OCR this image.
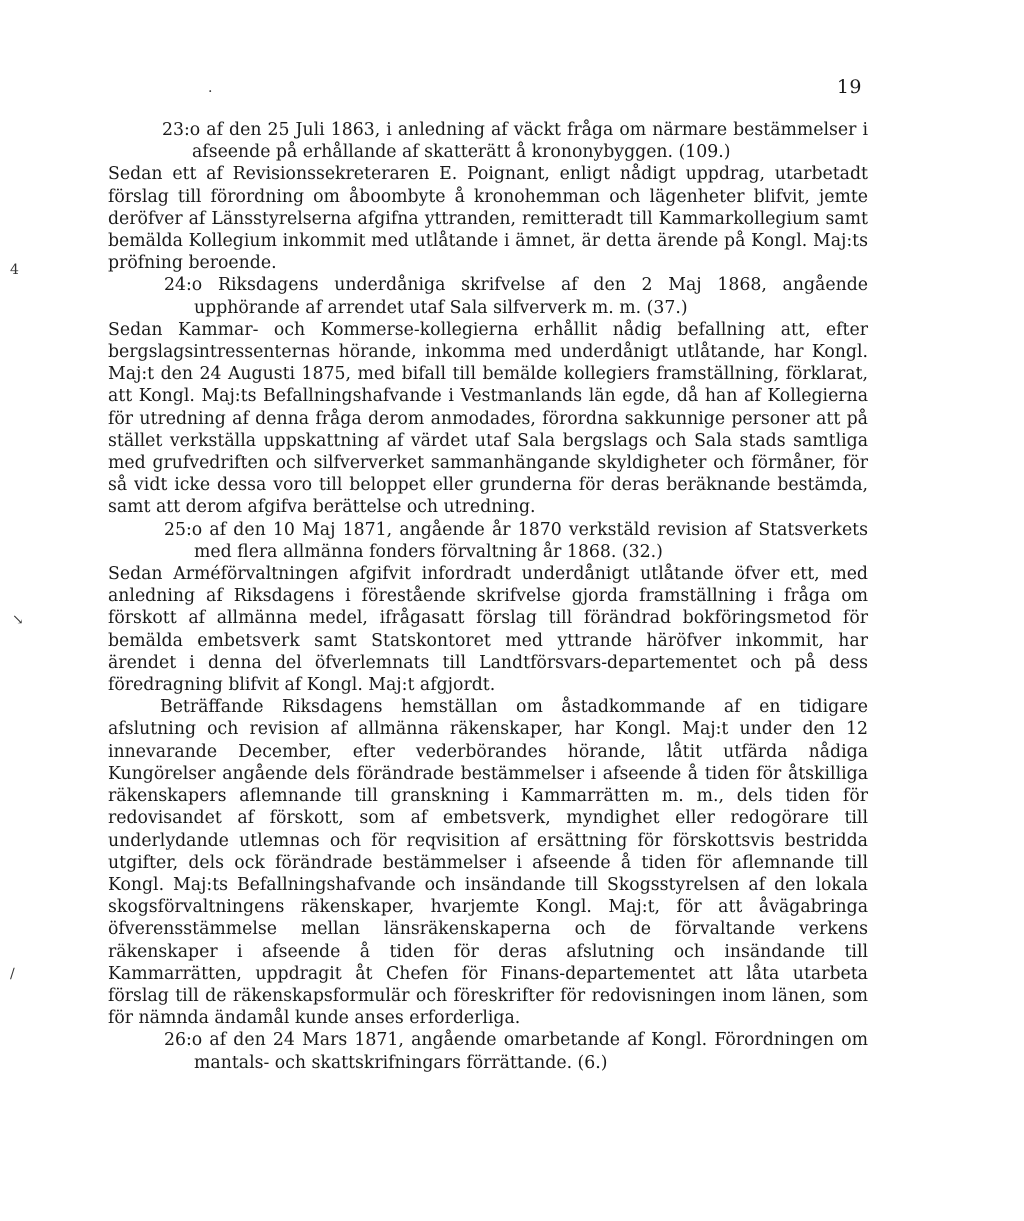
19
.
4
↘
∕

23:o af den 25 Juli 1863, i anledning af väckt fråga om närmare bestämmelser i afseende på erhållande af skatterätt å krononybyggen. (109.)

Sedan ett af Revisionssekreteraren E. Poignant, enligt nådigt uppdrag, utarbetadt förslag till förordning om åboombyte å kronohemman och lägenheter blifvit, jemte deröfver af Länsstyrelserna afgifna yttranden, remitteradt till Kammarkollegium samt bemälda Kollegium inkommit med utlåtande i ämnet, är detta ärende på Kongl. Maj:ts pröfning beroende.

24:o Riksdagens underdåniga skrifvelse af den 2 Maj 1868, angående upphörande af arrendet utaf Sala silfververk m. m. (37.)

Sedan Kammar- och Kommerse-kollegierna erhållit nådig befallning att, efter bergslagsintressenternas hörande, inkomma med underdånigt utlåtande, har Kongl. Maj:t den 24 Augusti 1875, med bifall till bemälde kollegiers framställning, förklarat, att Kongl. Maj:ts Befallningshafvande i Vestmanlands län egde, då han af Kollegierna för utredning af denna fråga derom anmodades, förordna sakkunnige personer att på stället verkställa uppskattning af värdet utaf Sala bergslags och Sala stads samtliga med grufvedriften och silfververket sammanhängande skyldigheter och förmåner, för så vidt icke dessa voro till beloppet eller grunderna för deras beräknande bestämda, samt att derom afgifva berättelse och utredning.

25:o af den 10 Maj 1871, angående år 1870 verkstäld revision af Statsverkets med flera allmänna fonders förvaltning år 1868. (32.)

Sedan Arméförvaltningen afgifvit infordradt underdånigt utlåtande öfver ett, med anledning af Riksdagens i förestående skrifvelse gjorda framställning i fråga om förskott af allmänna medel, ifrågasatt förslag till förändrad bokföringsmetod för bemälda embetsverk samt Statskontoret med yttrande häröfver inkommit, har ärendet i denna del öfverlemnats till Landtförsvars-departementet och på dess föredragning blifvit af Kongl. Maj:t afgjordt.

Beträffande Riksdagens hemställan om åstadkommande af en tidigare afslutning och revision af allmänna räkenskaper, har Kongl. Maj:t under den 12 innevarande December, efter vederbörandes hörande, låtit utfärda nådiga Kungörelser angående dels förändrade bestämmelser i afseende å tiden för åtskilliga räkenskapers aflemnande till granskning i Kammarrätten m. m., dels tiden för redovisandet af förskott, som af embetsverk, myndighet eller redogörare till underlydande utlemnas och för reqvisition af ersättning för förskottsvis bestridda utgifter, dels ock förändrade bestämmelser i afseende å tiden för aflemnande till Kongl. Maj:ts Befallningshafvande och insändande till Skogsstyrelsen af den lokala skogsförvaltningens räkenskaper, hvarjemte Kongl. Maj:t, för att åvägabringa öfverensstämmelse mellan länsräkenskaperna och de förvaltande verkens räkenskaper i afseende å tiden för deras afslutning och insändande till Kammarrätten, uppdragit åt Chefen för Finans-departementet att låta utarbeta förslag till de räkenskapsformulär och föreskrifter för redovisningen inom länen, som för nämnda ändamål kunde anses erforderliga.

26:o af den 24 Mars 1871, angående omarbetande af Kongl. Förordningen om mantals- och skattskrifningars förrättande. (6.)
